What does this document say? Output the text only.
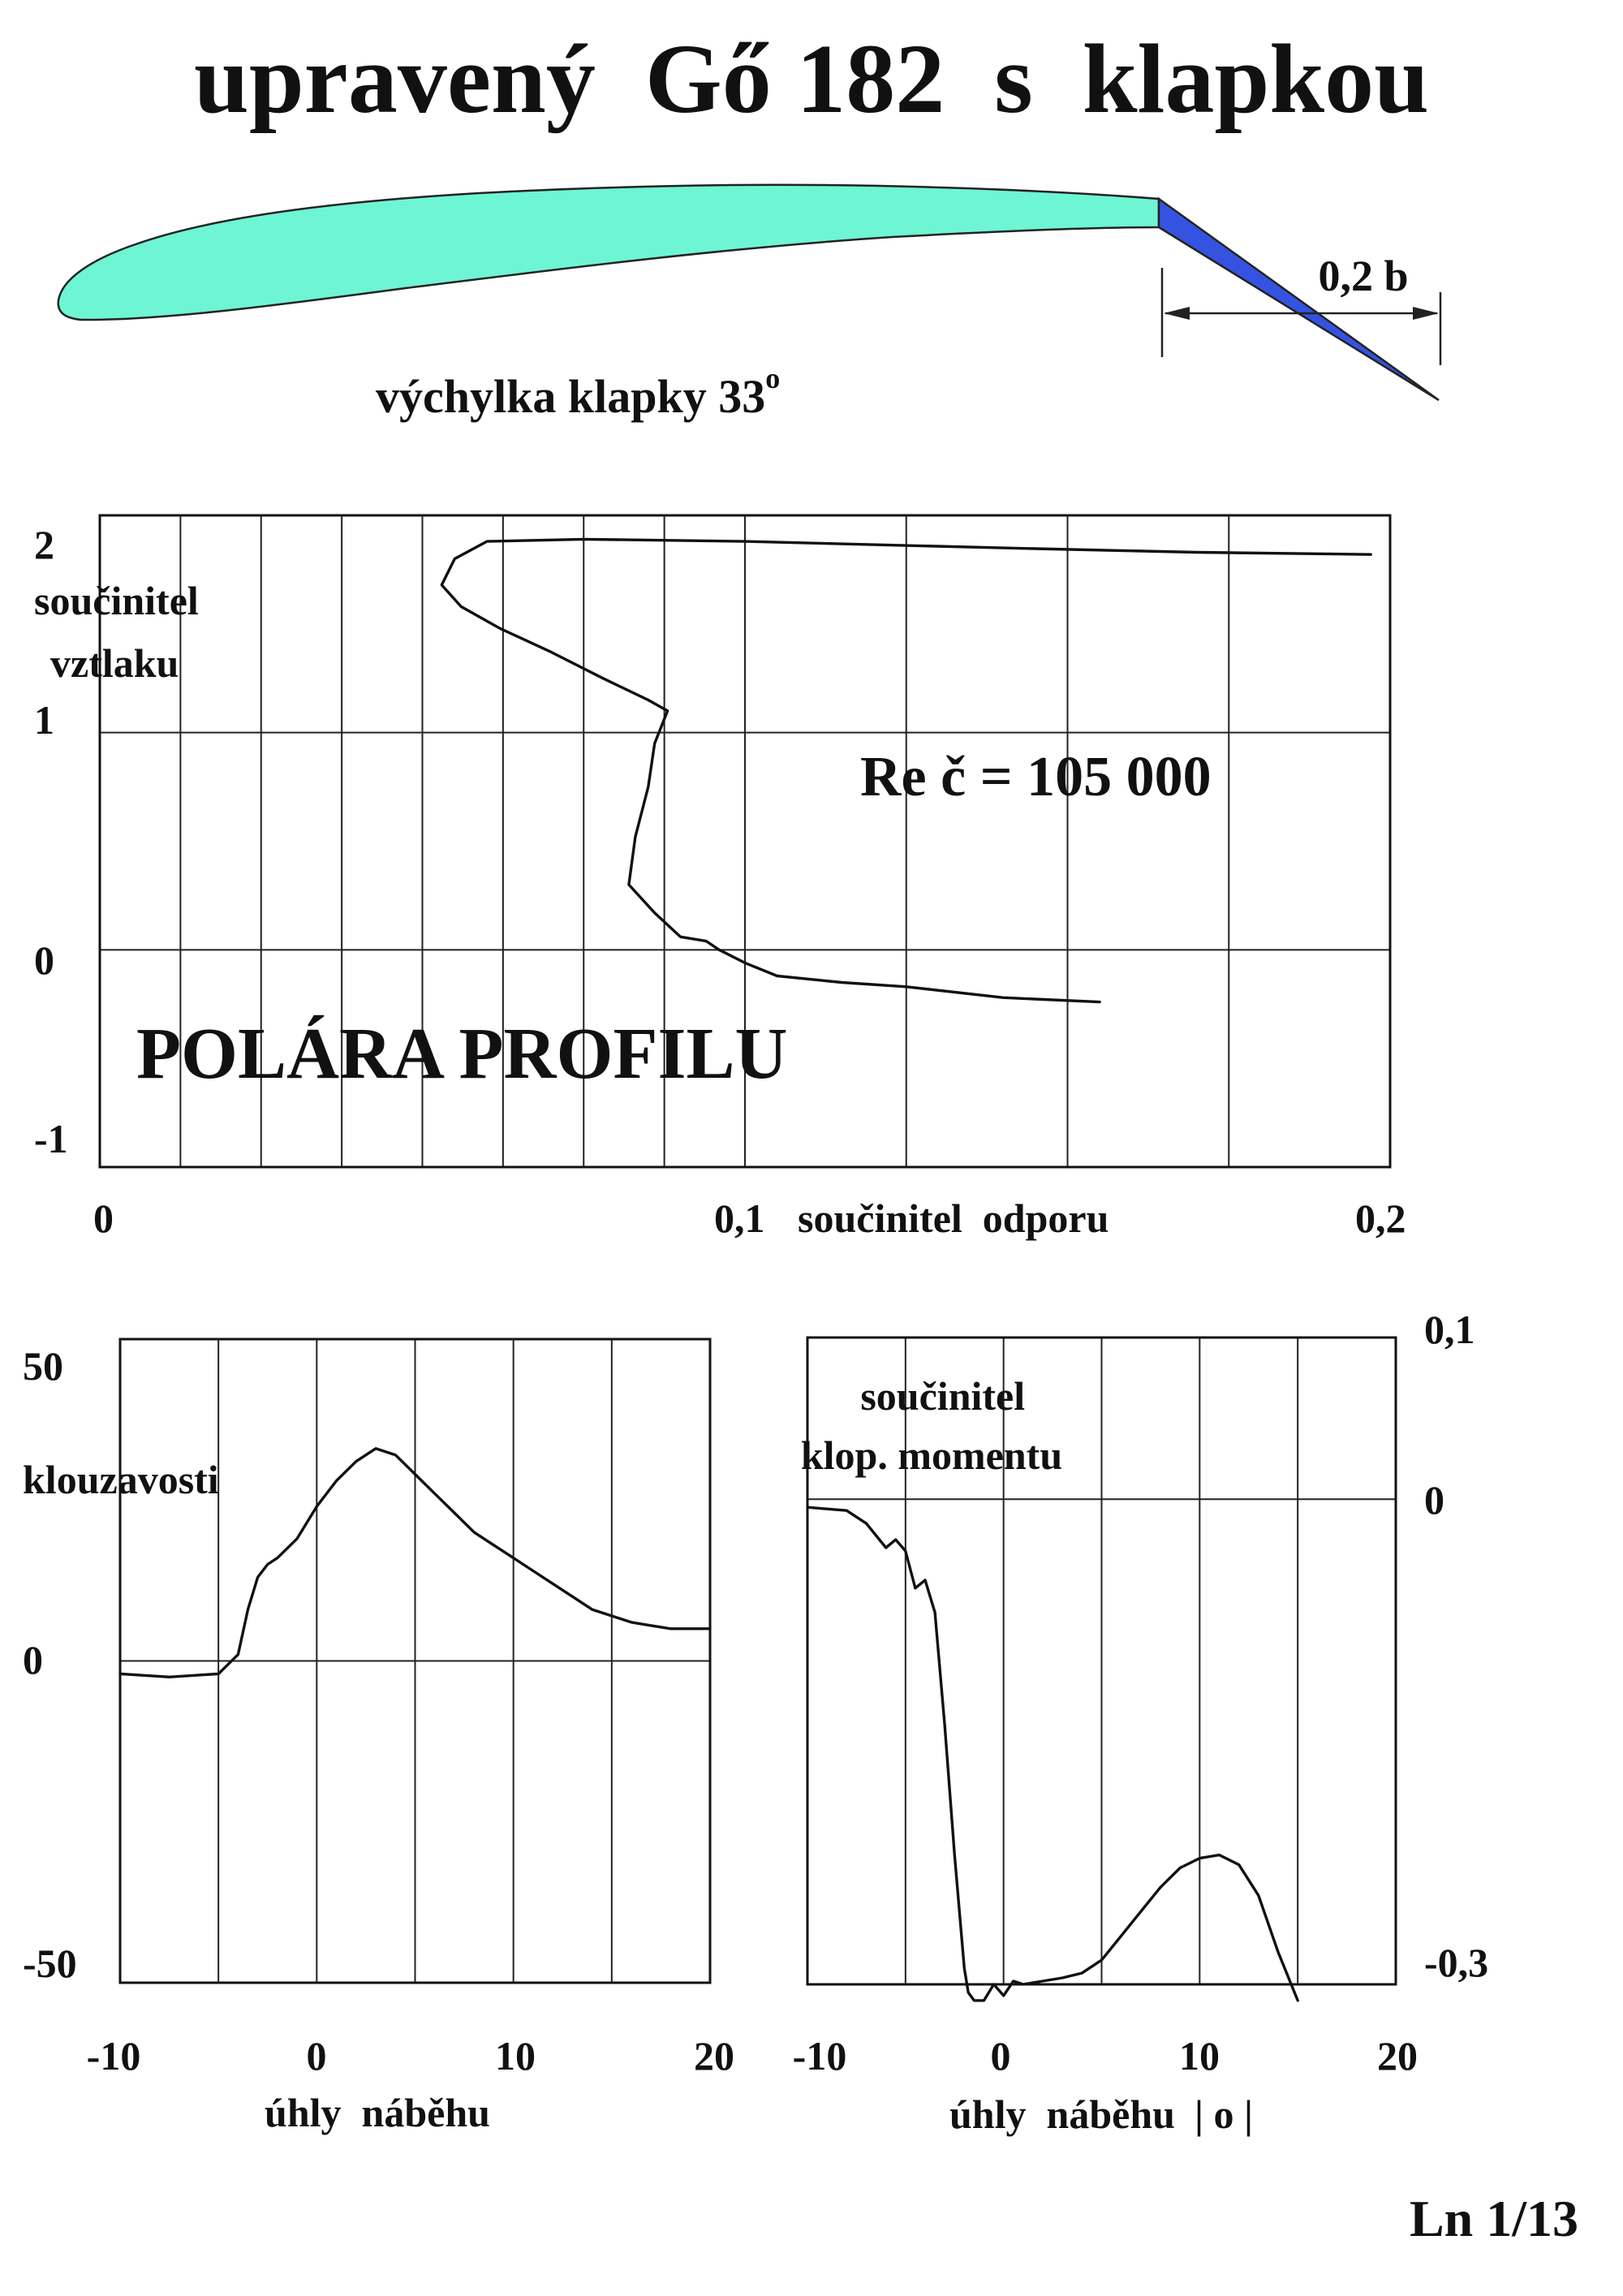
upravený  Gő 182  s  klapkou
0,2 b
výchylka klapky 33$^o$
2
1
0
-1
součinitel vztlaku
0	0,1 součinitel  odporu	0,2
Re č = 105 000
POLÁRA PROFILU
50
klouzavosti
0
-50
-10	0	10	20
úhly  náběhu
součinitel klop. momentu
0,1
0
-0,3
-10	0	10	20
úhly  náběhu | o |
Ln 1/13
